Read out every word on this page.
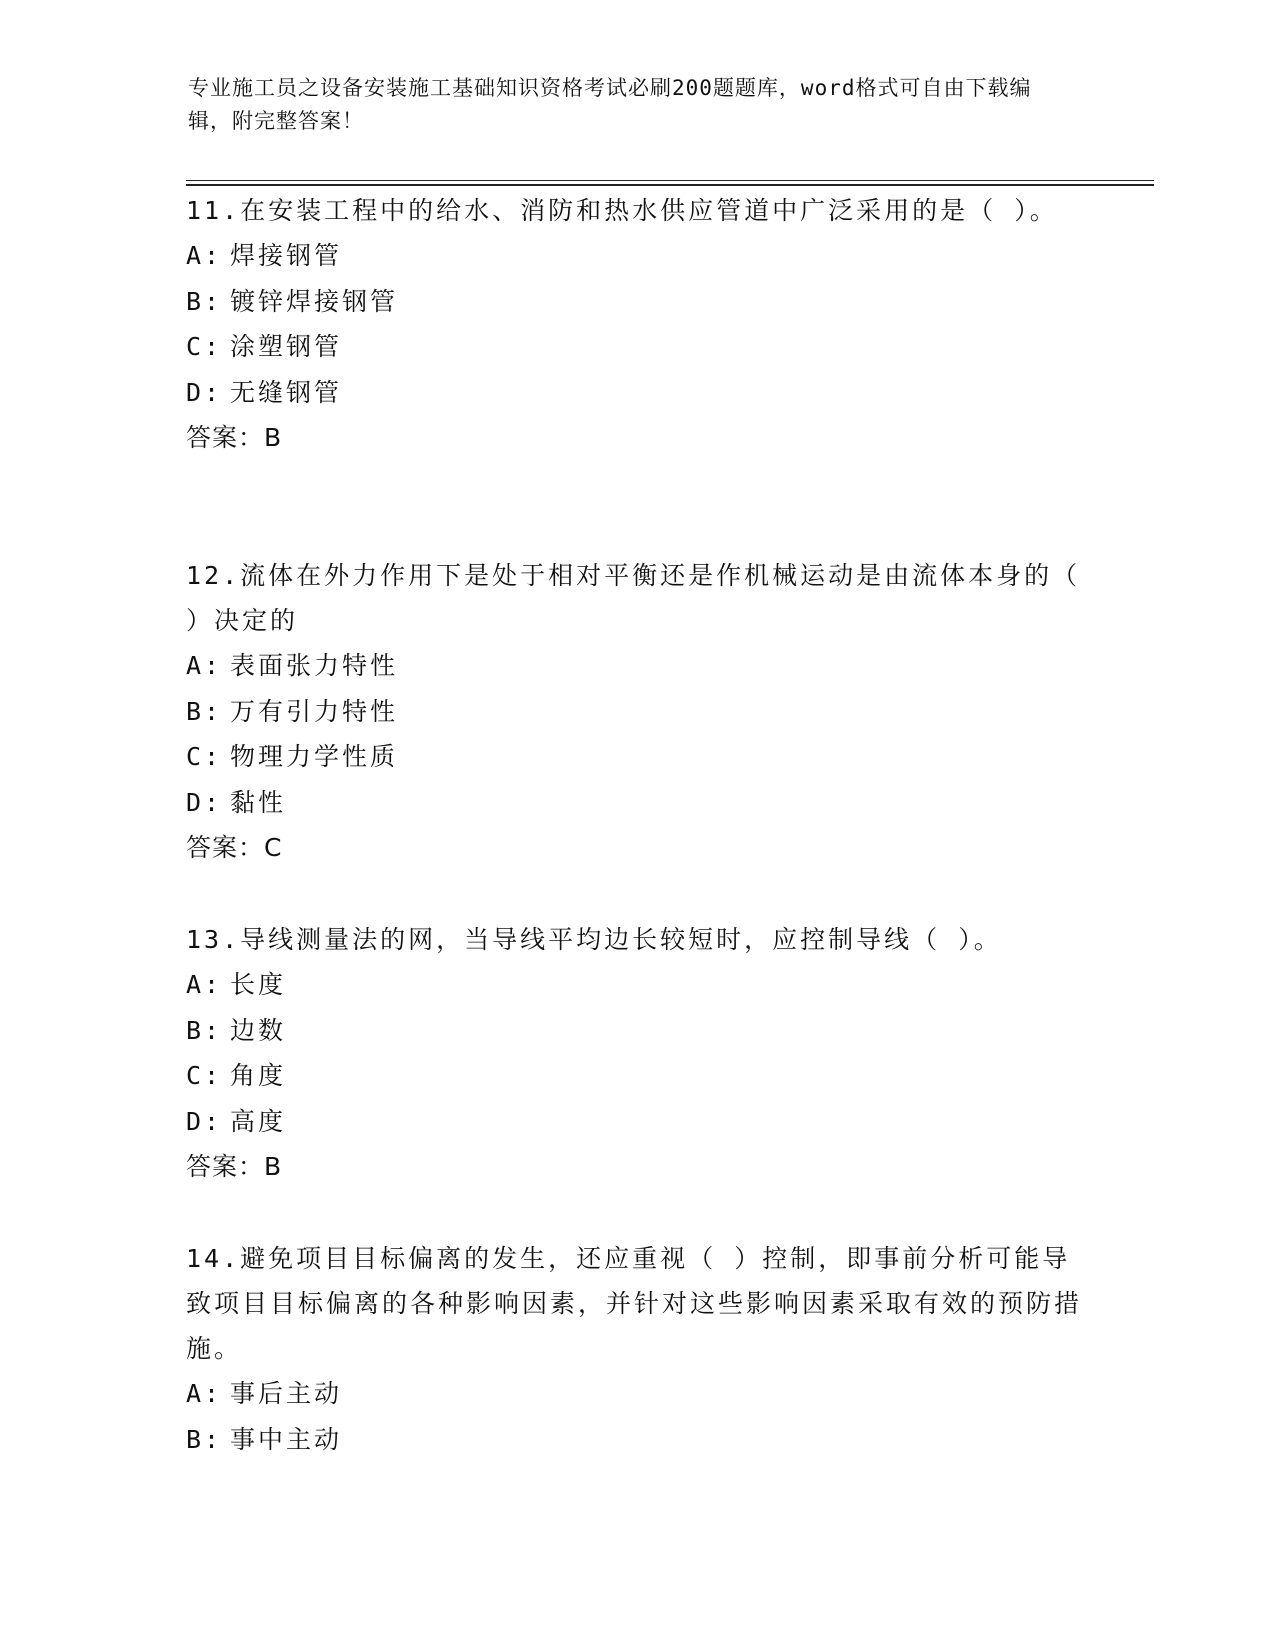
专业施工员之设备安装施工基础知识资格考试必刷200题题库，word格式可自由下载编辑，附完整答案！
11.在安装工程中的给水、消防和热水供应管道中广泛采用的是（ ）。
A: 焊接钢管
B: 镀锌焊接钢管
C: 涂塑钢管
D: 无缝钢管
答案：B
12.流体在外力作用下是处于相对平衡还是作机械运动是由流体本身的（ ）决定的
A: 表面张力特性
B: 万有引力特性
C: 物理力学性质
D: 黏性
答案：C
13.导线测量法的网，当导线平均边长较短时，应控制导线（ ）。
A: 长度
B: 边数
C: 角度
D: 高度
答案：B
14.避免项目目标偏离的发生，还应重视（ ）控制，即事前分析可能导致项目目标偏离的各种影响因素，并针对这些影响因素采取有效的预防措施。
A: 事后主动
B: 事中主动
